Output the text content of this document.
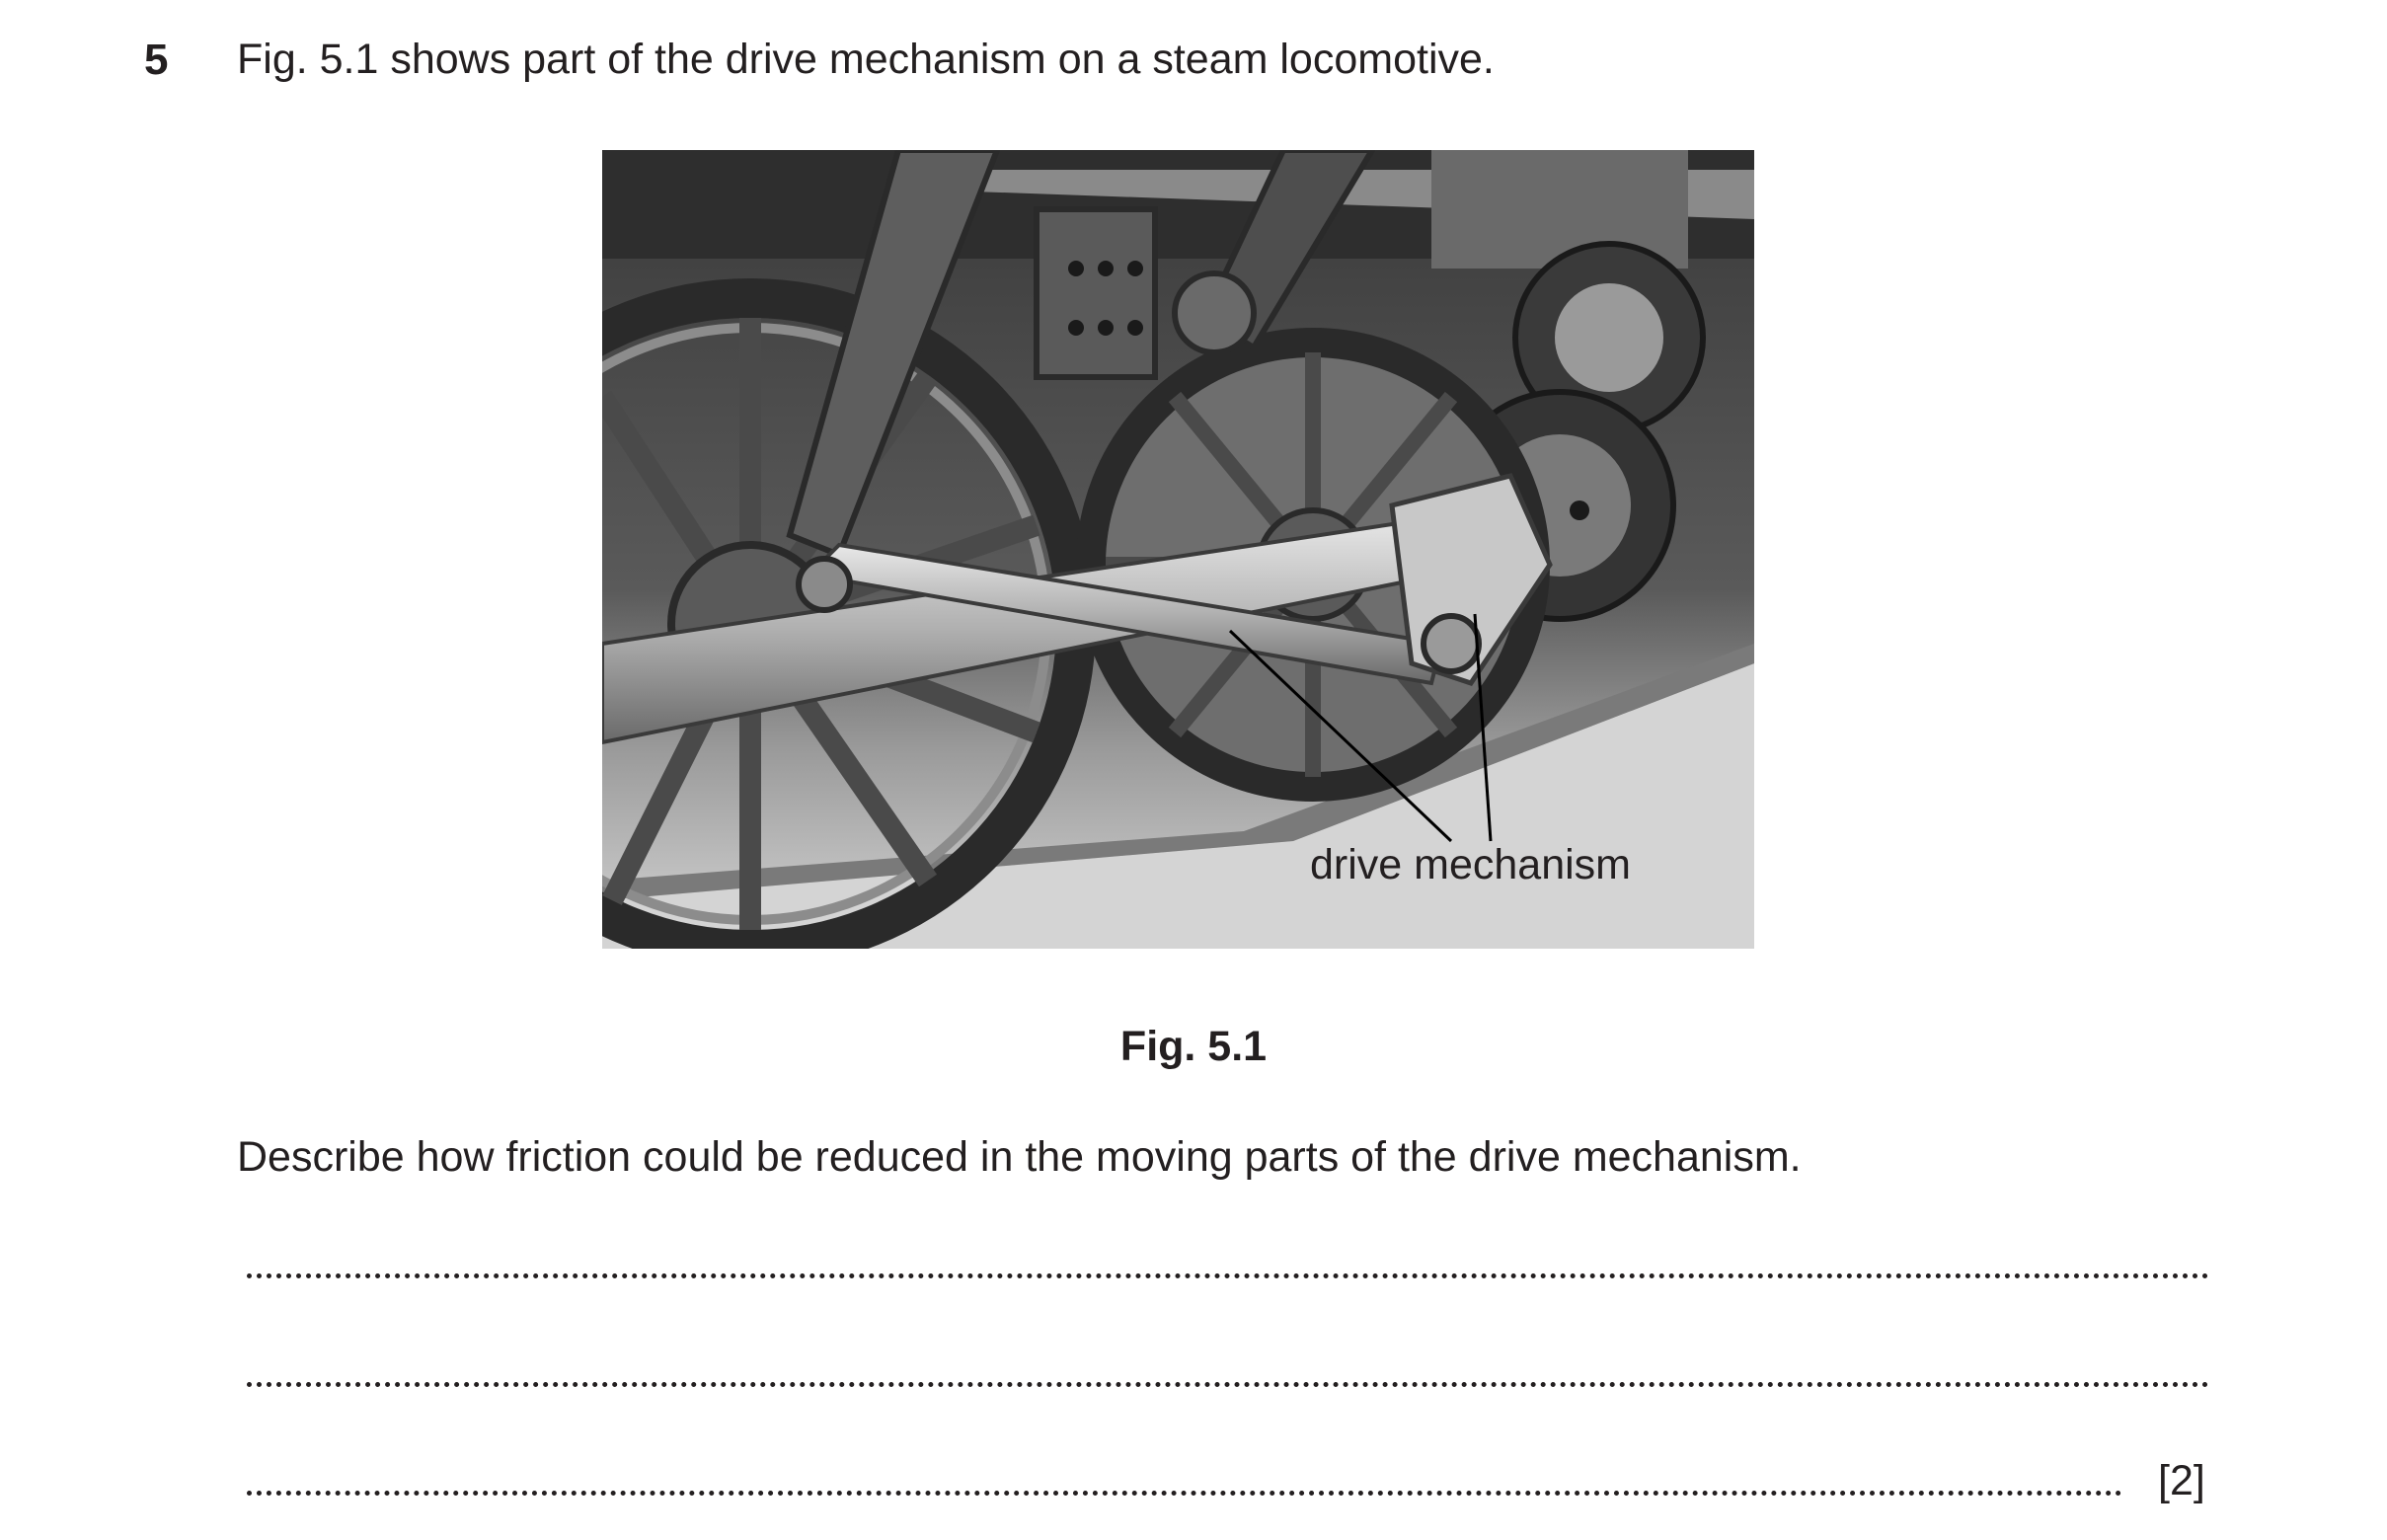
5 Fig. 5.1 shows part of the drive mechanism on a steam locomotive.
drive mechanism
Fig. 5.1
Describe how friction could be reduced in the moving parts of the drive mechanism.
[2]
